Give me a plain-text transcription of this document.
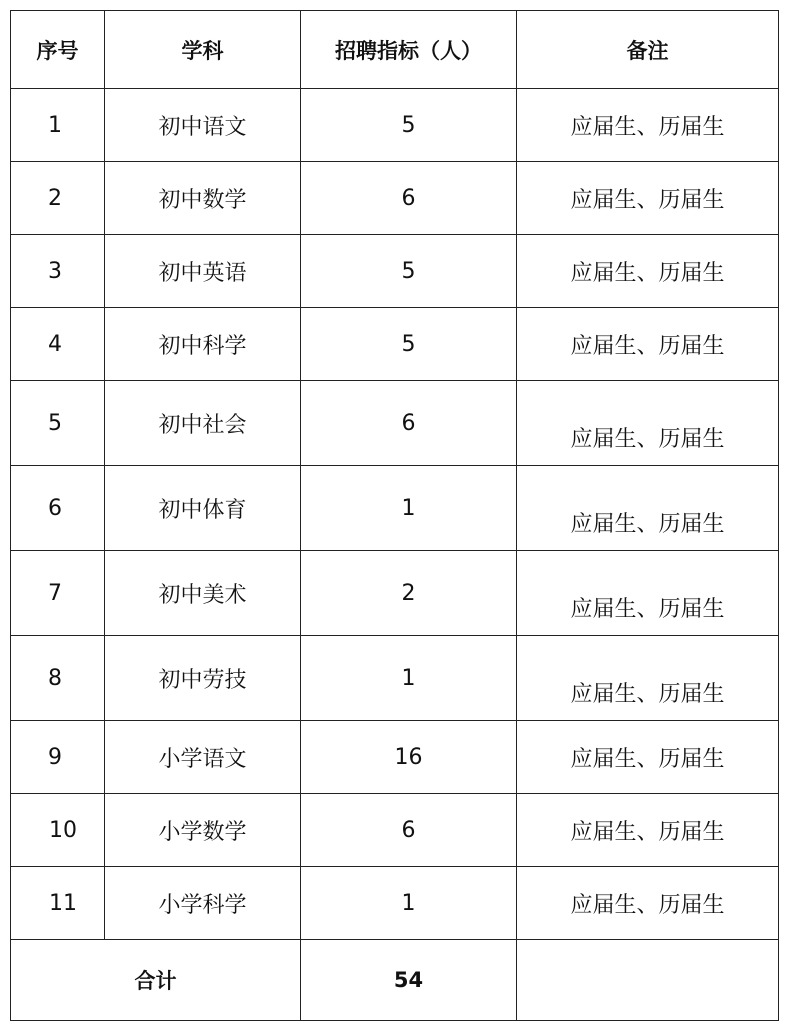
序号	学科	招聘指标（人）	备注
1	初中语文	5	应届生、历届生
2	初中数学	6	应届生、历届生
3	初中英语	5	应届生、历届生
4	初中科学	5	应届生、历届生
5	初中社会	6	应届生、历届生
6	初中体育	1	应届生、历届生
7	初中美术	2	应届生、历届生
8	初中劳技	1	应届生、历届生
9	小学语文	16	应届生、历届生
10	小学数学	6	应届生、历届生
11	小学科学	1	应届生、历届生
合计		54	
